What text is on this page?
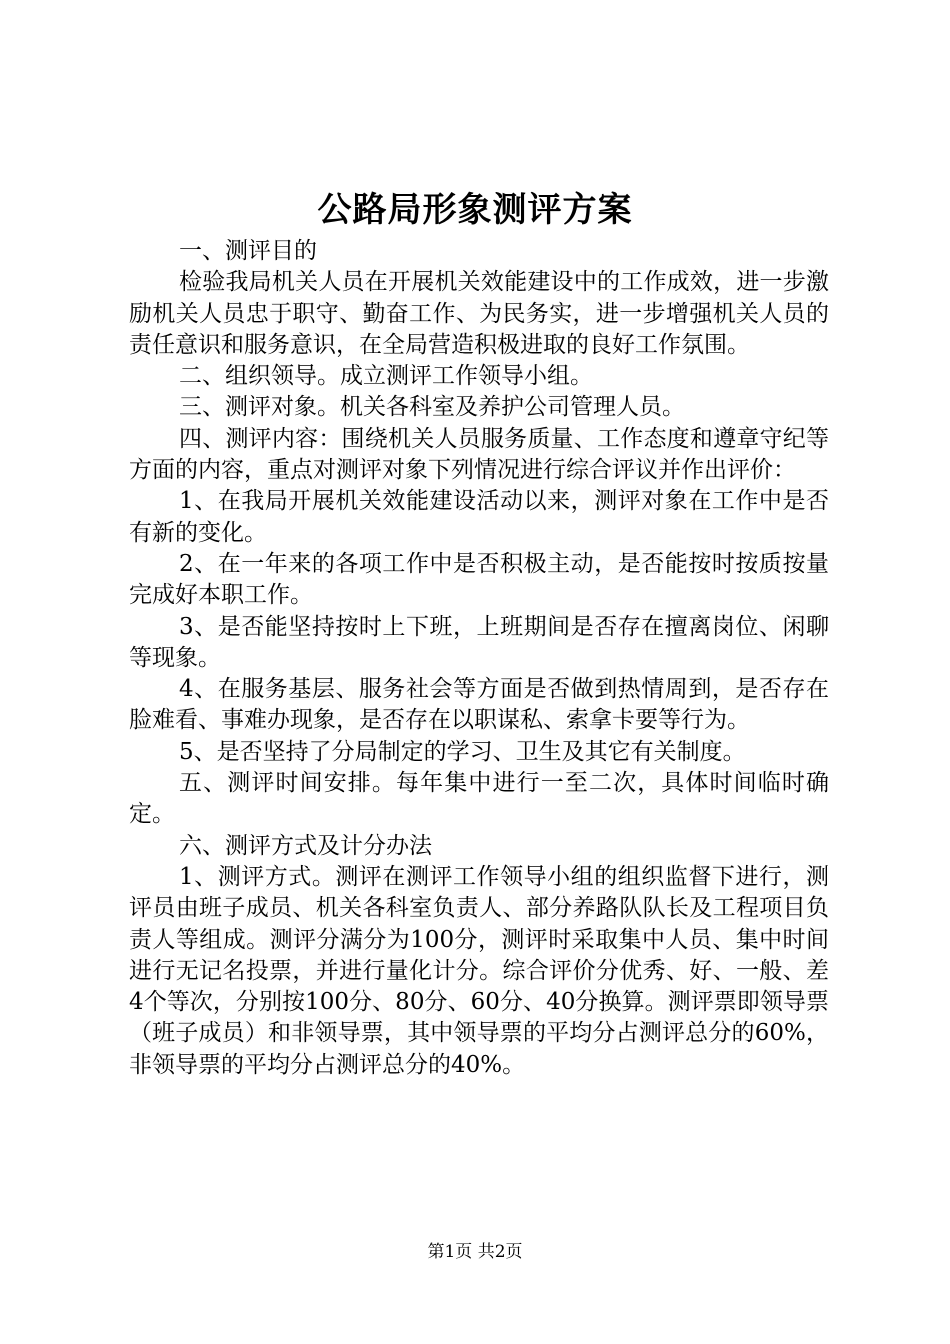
公路局形象测评方案

一、测评目的

检验我局机关人员在开展机关效能建设中的工作成效，进一步激励机关人员忠于职守、勤奋工作、为民务实，进一步增强机关人员的责任意识和服务意识，在全局营造积极进取的良好工作氛围。

二、组织领导。成立测评工作领导小组。

三、测评对象。机关各科室及养护公司管理人员。

四、测评内容：围绕机关人员服务质量、工作态度和遵章守纪等方面的内容，重点对测评对象下列情况进行综合评议并作出评价：

1、在我局开展机关效能建设活动以来，测评对象在工作中是否有新的变化。

2、在一年来的各项工作中是否积极主动，是否能按时按质按量完成好本职工作。

3、是否能坚持按时上下班，上班期间是否存在擅离岗位、闲聊等现象。

4、在服务基层、服务社会等方面是否做到热情周到，是否存在脸难看、事难办现象，是否存在以职谋私、索拿卡要等行为。

5、是否坚持了分局制定的学习、卫生及其它有关制度。

五、测评时间安排。每年集中进行一至二次，具体时间临时确定。

六、测评方式及计分办法

1、测评方式。测评在测评工作领导小组的组织监督下进行，测评员由班子成员、机关各科室负责人、部分养路队队长及工程项目负责人等组成。测评分满分为100分，测评时采取集中人员、集中时间进行无记名投票，并进行量化计分。综合评价分优秀、好、一般、差4个等次，分别按100分、80分、60分、40分换算。测评票即领导票（班子成员）和非领导票，其中领导票的平均分占测评总分的60%，非领导票的平均分占测评总分的40%。

第1页 共2页
